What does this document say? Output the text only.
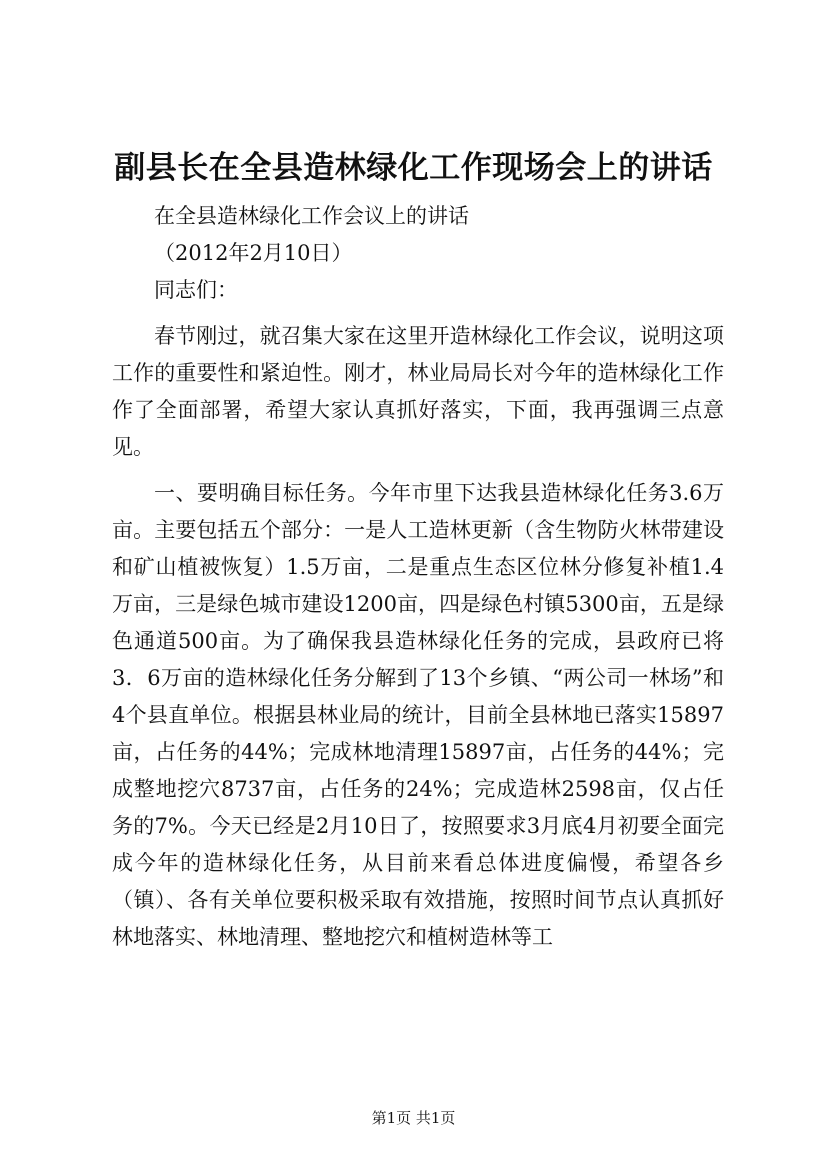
副县长在全县造林绿化工作现场会上的讲话

在全县造林绿化工作会议上的讲话

（2012年2月10日）

同志们：

春节刚过，就召集大家在这里开造林绿化工作会议，说明这项工作的重要性和紧迫性。刚才，林业局局长对今年的造林绿化工作作了全面部署，希望大家认真抓好落实，下面，我再强调三点意见。

一、要明确目标任务。今年市里下达我县造林绿化任务3.6万亩。主要包括五个部分：一是人工造林更新（含生物防火林带建设和矿山植被恢复）1.5万亩，二是重点生态区位林分修复补植1.4万亩，三是绿色城市建设1200亩，四是绿色村镇5300亩，五是绿色通道500亩。为了确保我县造林绿化任务的完成，县政府已将3．6万亩的造林绿化任务分解到了13个乡镇、“两公司一林场”和4个县直单位。根据县林业局的统计，目前全县林地已落实15897亩，占任务的44%；完成林地清理15897亩，占任务的44%；完成整地挖穴8737亩，占任务的24%；完成造林2598亩，仅占任务的7%。今天已经是2月10日了，按照要求3月底4月初要全面完成今年的造林绿化任务，从目前来看总体进度偏慢，希望各乡（镇）、各有关单位要积极采取有效措施，按照时间节点认真抓好林地落实、林地清理、整地挖穴和植树造林等工

第1页 共1页
